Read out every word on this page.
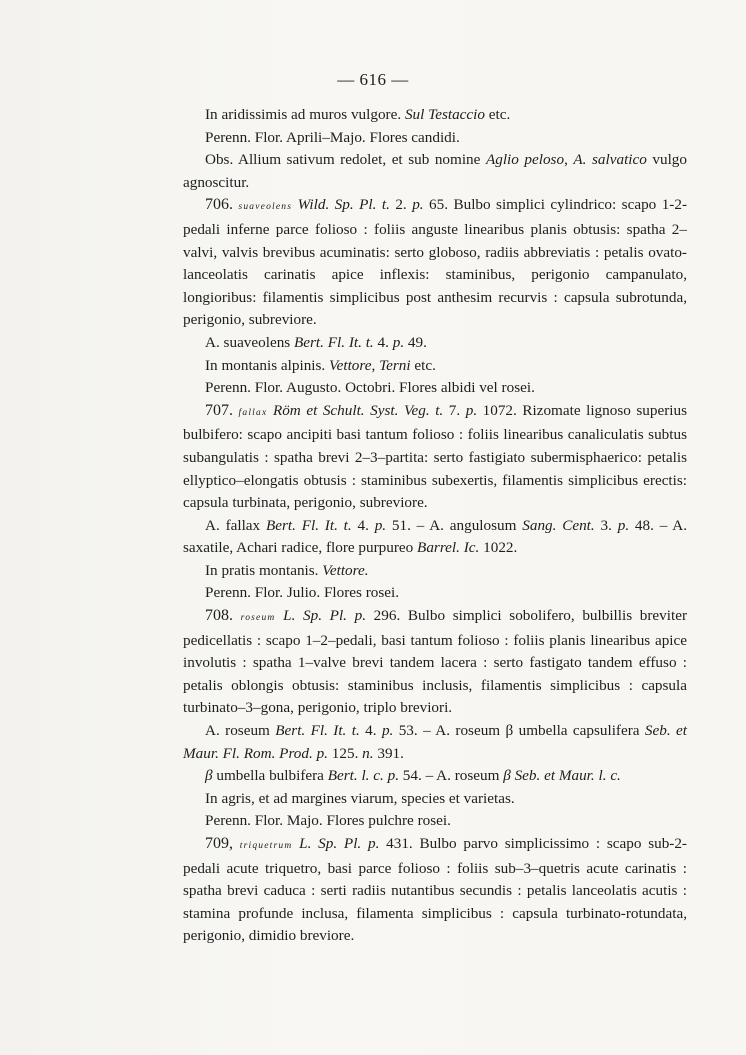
— 616 —

In aridissimis ad muros vulgore. Sul Testaccio etc.

Perenn. Flor. Aprili–Majo. Flores candidi.

Obs. Allium sativum redolet, et sub nomine Aglio peloso, A. salvatico vulgo agnoscitur.

706. suaveolens Wild. Sp. Pl. t. 2. p. 65. Bulbo simplici cylindrico: scapo 1-2-pedali inferne parce folioso : foliis anguste linearibus planis obtusis: spatha 2–valvi, valvis brevibus acuminatis: serto globoso, radiis abbreviatis : petalis ovato-lanceolatis carinatis apice inflexis: staminibus, perigonio campanulato, longioribus: filamentis simplicibus post anthesim recurvis : capsula subrotunda, perigonio, subreviore.

A. suaveolens Bert. Fl. It. t. 4. p. 49.

In montanis alpinis. Vettore, Terni etc.

Perenn. Flor. Augusto. Octobri. Flores albidi vel rosei.

707. fallax Röm et Schult. Syst. Veg. t. 7. p. 1072. Rizomate lignoso superius bulbifero: scapo ancipiti basi tantum folioso : foliis linearibus canaliculatis subtus subangulatis : spatha brevi 2–3–partita: serto fastigiato subermisphaerico: petalis ellyptico–elongatis obtusis : staminibus subexertis, filamentis simplicibus erectis: capsula turbinata, perigonio, subreviore.

A. fallax Bert. Fl. It. t. 4. p. 51. – A. angulosum Sang. Cent. 3. p. 48. – A. saxatile, Achari radice, flore purpureo Barrel. Ic. 1022.

In pratis montanis. Vettore.

Perenn. Flor. Julio. Flores rosei.

708. roseum L. Sp. Pl. p. 296. Bulbo simplici sobolifero, bulbillis breviter pedicellatis : scapo 1–2–pedali, basi tantum folioso : foliis planis linearibus apice involutis : spatha 1–valve brevi tandem lacera : serto fastigato tandem effuso : petalis oblongis obtusis: staminibus inclusis, filamentis simplicibus : capsula turbinato–3–gona, perigonio, triplo breviori.

A. roseum Bert. Fl. It. t. 4. p. 53. – A. roseum β umbella capsulifera Seb. et Maur. Fl. Rom. Prod. p. 125. n. 391.

β umbella bulbifera Bert. l. c. p. 54. – A. roseum β Seb. et Maur. l. c.

In agris, et ad margines viarum, species et varietas.

Perenn. Flor. Majo. Flores pulchre rosei.

709, triquetrum L. Sp. Pl. p. 431. Bulbo parvo simplicissimo : scapo sub-2-pedali acute triquetro, basi parce folioso : foliis sub–3–quetris acute carinatis : spatha brevi caduca : serti radiis nutantibus secundis : petalis lanceolatis acutis : stamina profunde inclusa, filamenta simplicibus : capsula turbinato-rotundata, perigonio, dimidio breviore.
